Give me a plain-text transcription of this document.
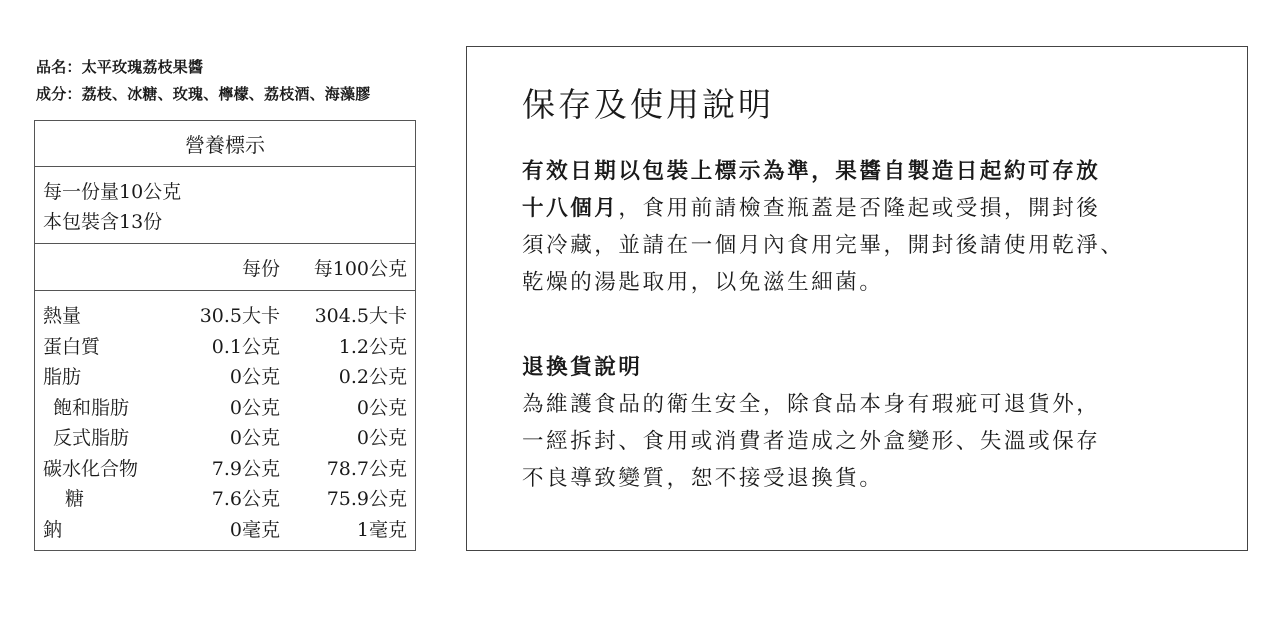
品名：太平玫瑰荔枝果醬
成分：荔枝、冰糖、玫瑰、檸檬、荔枝酒、海藻膠
營養標示
每一份量10公克
本包裝含13份
每份 每100公克
熱量	30.5大卡 304.5大卡
蛋白質	0.1公克	1.2公克
脂肪	0公克	0.2公克
飽和脂肪	0公克	0公克
反式脂肪	0公克	0公克
碳水化合物	7.9公克 78.7公克
糖	7.6公克 75.9公克
鈉	0毫克	1毫克
保存及使用說明
有效日期以包裝上標示為準，果醬自製造日起約可存放
十八個月，食用前請檢查瓶蓋是否隆起或受損，開封後
須冷藏，並請在一個月內食用完畢，開封後請使用乾淨、
乾燥的湯匙取用，以免滋生細菌。
退換貨說明
為維護食品的衛生安全，除食品本身有瑕疵可退貨外，
一經拆封、食用或消費者造成之外盒變形、失溫或保存
不良導致變質，恕不接受退換貨。
